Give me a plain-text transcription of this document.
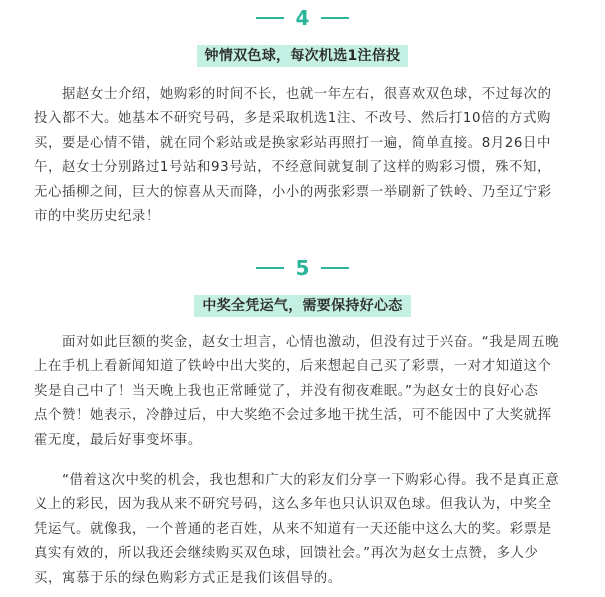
4
钟情双色球，每次机选1注倍投

　　据赵女士介绍，她购彩的时间不长，也就一年左右，很喜欢双色球，不过每次的
投入都不大。她基本不研究号码，多是采取机选1注、不改号、然后打10倍的方式购
买，要是心情不错，就在同个彩站或是换家彩站再照打一遍，简单直接。8月26日中
午，赵女士分别路过1号站和93号站，不经意间就复制了这样的购彩习惯，殊不知，
无心插柳之间，巨大的惊喜从天而降，小小的两张彩票一举刷新了铁岭、乃至辽宁彩
市的中奖历史纪录！

5
中奖全凭运气，需要保持好心态

　　面对如此巨额的奖金，赵女士坦言，心情也激动，但没有过于兴奋。“我是周五晚
上在手机上看新闻知道了铁岭中出大奖的，后来想起自己买了彩票，一对才知道这个
奖是自己中了！当天晚上我也正常睡觉了，并没有彻夜难眠。”为赵女士的良好心态
点个赞！她表示，冷静过后，中大奖绝不会过多地干扰生活，可不能因中了大奖就挥
霍无度，最后好事变坏事。

　　“借着这次中奖的机会，我也想和广大的彩友们分享一下购彩心得。我不是真正意
义上的彩民，因为我从来不研究号码，这么多年也只认识双色球。但我认为，中奖全
凭运气。就像我，一个普通的老百姓，从来不知道有一天还能中这么大的奖。彩票是
真实有效的，所以我还会继续购买双色球，回馈社会。”再次为赵女士点赞，多人少
买，寓慕于乐的绿色购彩方式正是我们该倡导的。
